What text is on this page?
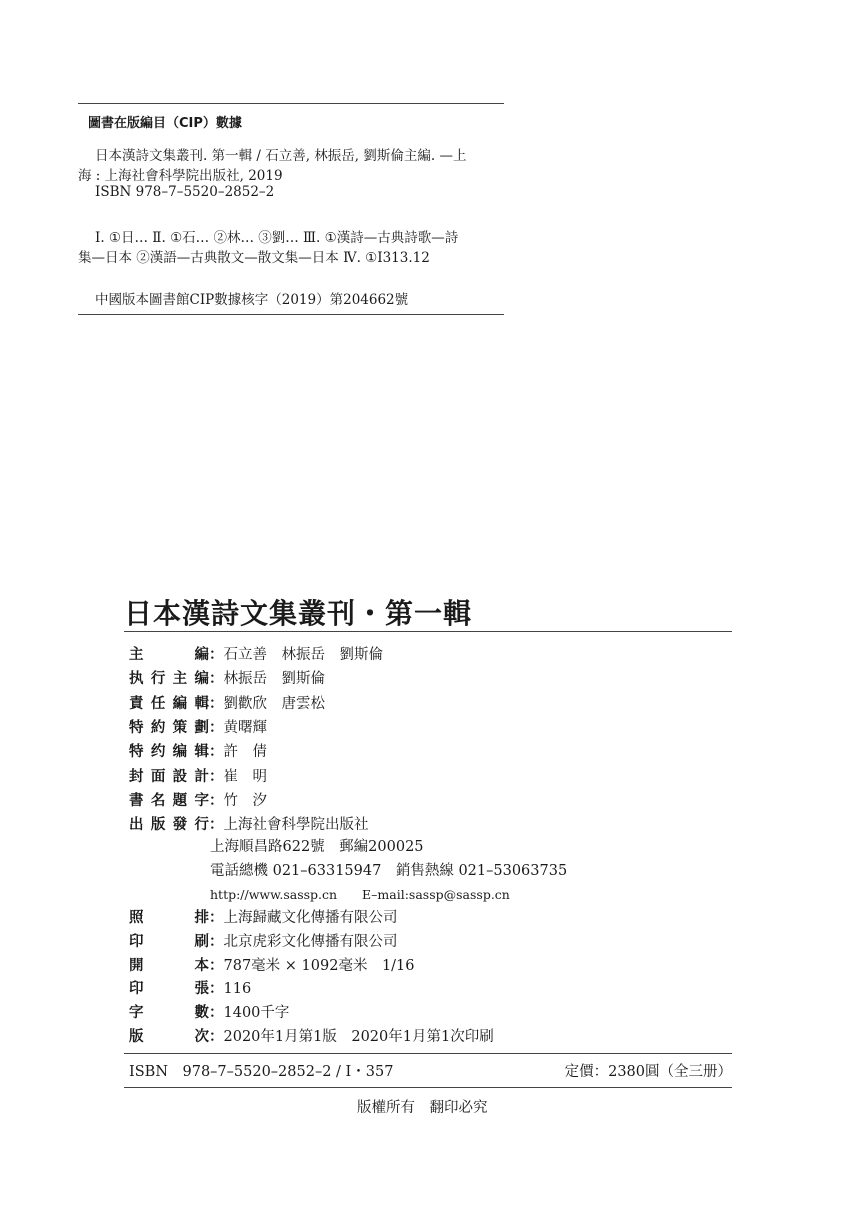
圖書在版編目（CIP）數據
日本漢詩文集叢刊. 第一輯 / 石立善, 林振岳, 劉斯倫主編. —上
海 : 上海社會科學院出版社, 2019
ISBN 978–7–5520–2852–2
Ⅰ. ①日… Ⅱ. ①石… ②林… ③劉… Ⅲ. ①漢詩—古典詩歌—詩
集—日本 ②漢語—古典散文—散文集—日本 Ⅳ. ①I313.12
中國版本圖書館CIP數據核字（2019）第204662號
日本漢詩文集叢刊・第一輯
主	編 ： 石立善　林振岳　劉斯倫
执 行 主 编 ： 林振岳　劉斯倫
責 任 編 輯 ： 劉歡欣　唐雲松
特 約 策 劃 ： 黄曙輝
特 约 编 辑 ： 許　倩
封 面 設 計 ： 崔　明
書 名 題 字 ： 竹　汐
出 版 發 行 ： 上海社會科學院出版社
上海順昌路622號　郵編200025
電話總機 021–63315947　銷售熱線 021–53063735
http://www.sassp.cn　　E–mail:sassp@sassp.cn
照	排 ： 上海歸藏文化傳播有限公司
印	刷 ： 北京虎彩文化傳播有限公司
開	本 ： 787毫米 × 1092毫米　1/16
印	張 ： 116
字	數 ： 1400千字
版	次 ： 2020年1月第1版　2020年1月第1次印刷
ISBN　978–7–5520–2852–2 / I・357	定價：2380圓（全三册）
版權所有　翻印必究
